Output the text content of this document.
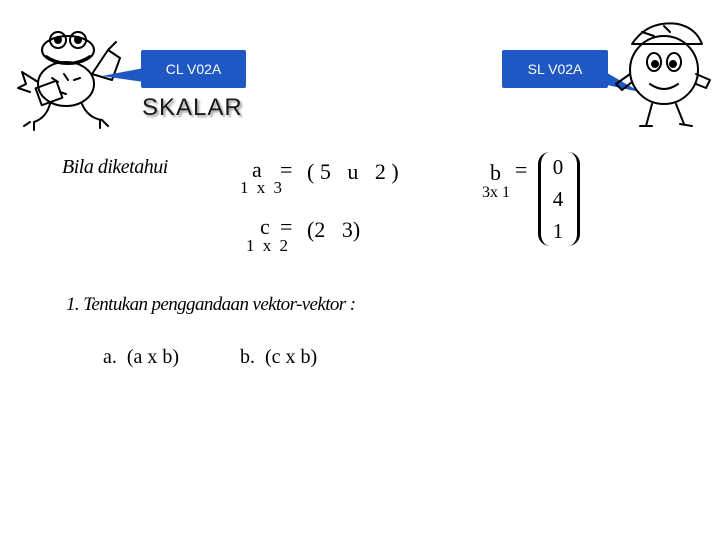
CL V02A	SL V02A
SKALAR
Bila diketahui	a = ( 5   u   2 )
1 x 3
c = (2   3)
1 x 2
b =
3x 1
0
4
1
1. Tentukan penggandaan vektor-vektor :
a.  (a x b)	b.  (c x b)
